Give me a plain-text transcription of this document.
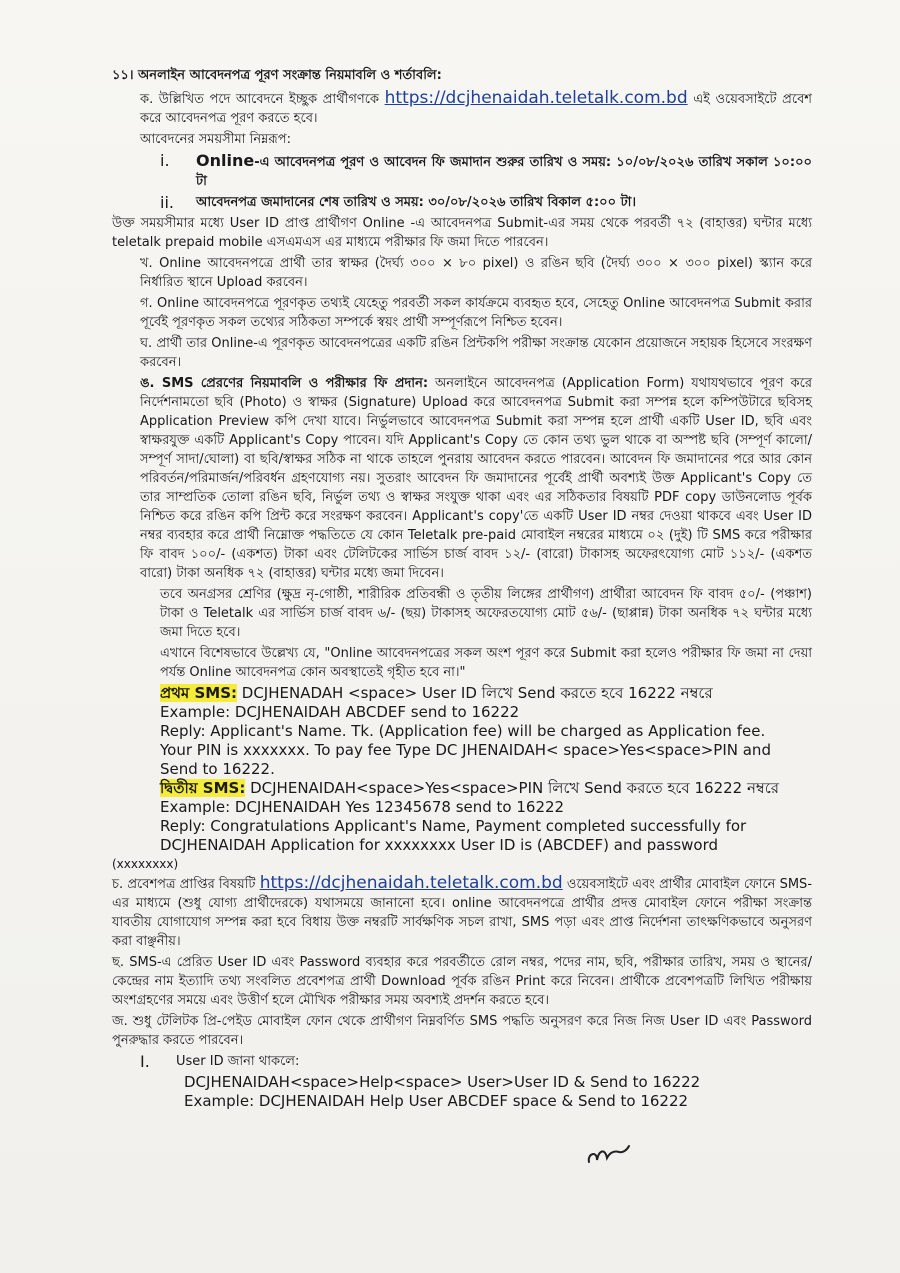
১১। অনলাইন আবেদনপত্র পূরণ সংক্রান্ত নিয়মাবলি ও শর্তাবলি:
ক. উল্লিখিত পদে আবেদনে ইচ্ছুক প্রার্থীগণকে https://dcjhenaidah.teletalk.com.bd এই ওয়েবসাইটে প্রবেশ করে আবেদনপত্র পূরণ করতে হবে।
আবেদনের সময়সীমা নিম্নরূপ:
i.	Online-এ আবেদনপত্র পূরণ ও আবেদন ফি জমাদান শুরুর তারিখ ও সময়: ১০/০৮/২০২৬ তারিখ সকাল ১০:০০ টা
ii.	আবেদনপত্র জমাদানের শেষ তারিখ ও সময়: ৩০/০৮/২০২৬ তারিখ বিকাল ৫:০০ টা।
উক্ত সময়সীমার মধ্যে User ID প্রাপ্ত প্রার্থীগণ Online -এ আবেদনপত্র Submit-এর সময় থেকে পরবর্তী ৭২ (বাহাত্তর) ঘন্টার মধ্যে teletalk prepaid mobile এসএমএস এর মাধ্যমে পরীক্ষার ফি জমা দিতে পারবেন।
খ. Online আবেদনপত্রে প্রার্থী তার স্বাক্ষর (দৈর্ঘ্য ৩০০ × ৮০ pixel) ও রঙিন ছবি (দৈর্ঘ্য ৩০০ × ৩০০ pixel) স্ক্যান করে নির্ধারিত স্থানে Upload করবেন।
গ. Online আবেদনপত্রে পূরণকৃত তথ্যই যেহেতু পরবর্তী সকল কার্যক্রমে ব্যবহৃত হবে, সেহেতু Online আবেদনপত্র Submit করার পূর্বেই পূরণকৃত সকল তথ্যের সঠিকতা সম্পর্কে স্বয়ং প্রার্থী সম্পূর্ণরূপে নিশ্চিত হবেন।
ঘ. প্রার্থী তার Online-এ পূরণকৃত আবেদনপত্রের একটি রঙিন প্রিন্টকপি পরীক্ষা সংক্রান্ত যেকোন প্রয়োজনে সহায়ক হিসেবে সংরক্ষণ করবেন।
ঙ. SMS প্রেরণের নিয়মাবলি ও পরীক্ষার ফি প্রদান: অনলাইনে আবেদনপত্র (Application Form) যথাযথভাবে পূরণ করে নির্দেশনামতো ছবি (Photo) ও স্বাক্ষর (Signature) Upload করে আবেদনপত্র Submit করা সম্পন্ন হলে কম্পিউটারে ছবিসহ Application Preview কপি দেখা যাবে। নির্ভুলভাবে আবেদনপত্র Submit করা সম্পন্ন হলে প্রার্থী একটি User ID, ছবি এবং স্বাক্ষরযুক্ত একটি Applicant's Copy পাবেন। যদি Applicant's Copy তে কোন তথ্য ভুল থাকে বা অস্পষ্ট ছবি (সম্পূর্ণ কালো/সম্পূর্ণ সাদা/ঘোলা) বা ছবি/স্বাক্ষর সঠিক না থাকে তাহলে পুনরায় আবেদন করতে পারবেন। আবেদন ফি জমাদানের পরে আর কোন পরিবর্তন/পরিমার্জন/পরিবর্ধন গ্রহণযোগ্য নয়। সুতরাং আবেদন ফি জমাদানের পূর্বেই প্রার্থী অবশ্যই উক্ত Applicant's Copy তে তার সাম্প্রতিক তোলা রঙিন ছবি, নির্ভুল তথ্য ও স্বাক্ষর সংযুক্ত থাকা এবং এর সঠিকতার বিষয়টি PDF copy ডাউনলোড পূর্বক নিশ্চিত করে রঙিন কপি প্রিন্ট করে সংরক্ষণ করবেন। Applicant's copy'তে একটি User ID নম্বর দেওয়া থাকবে এবং User ID নম্বর ব্যবহার করে প্রার্থী নিম্নোক্ত পদ্ধতিতে যে কোন Teletalk pre-paid মোবাইল নম্বরের মাধ্যমে ০২ (দুই) টি SMS করে পরীক্ষার ফি বাবদ ১০০/- (একশত) টাকা এবং টেলিটকের সার্ভিস চার্জ বাবদ ১২/- (বারো) টাকাসহ অফেরৎযোগ্য মোট ১১২/- (একশত বারো) টাকা অনধিক ৭২ (বাহাত্তর) ঘন্টার মধ্যে জমা দিবেন।
তবে অনগ্রসর শ্রেণির (ক্ষুদ্র নৃ-গোষ্ঠী, শারীরিক প্রতিবন্ধী ও তৃতীয় লিঙ্গের প্রার্থীগণ) প্রার্থীরা আবেদন ফি বাবদ ৫০/- (পঞ্চাশ) টাকা ও Teletalk এর সার্ভিস চার্জ বাবদ ৬/- (ছয়) টাকাসহ অফেরতযোগ্য মোট ৫৬/- (ছাপ্পান্ন) টাকা অনধিক ৭২ ঘন্টার মধ্যে জমা দিতে হবে।
এখানে বিশেষভাবে উল্লেখ্য যে, "Online আবেদনপত্রের সকল অংশ পূরণ করে Submit করা হলেও পরীক্ষার ফি জমা না দেয়া পর্যন্ত Online আবেদনপত্র কোন অবস্থাতেই গৃহীত হবে না।"
প্রথম SMS: DCJHENADAH <space> User ID লিখে Send করতে হবে 16222 নম্বরে
Example: DCJHENAIDAH ABCDEF send to 16222
Reply: Applicant's Name. Tk. (Application fee) will be charged as Application fee.
Your PIN is xxxxxxx. To pay fee Type DC JHENAIDAH< space>Yes<space>PIN and
Send to 16222.
দ্বিতীয় SMS: DCJHENAIDAH<space>Yes<space>PIN লিখে Send করতে হবে 16222 নম্বরে
Example: DCJHENAIDAH Yes 12345678 send to 16222
Reply: Congratulations Applicant's Name, Payment completed successfully for
DCJHENAIDAH Application for xxxxxxxx User ID is (ABCDEF) and password
(xxxxxxxx)
চ. প্রবেশপত্র প্রাপ্তির বিষয়টি https://dcjhenaidah.teletalk.com.bd ওয়েবসাইটে এবং প্রার্থীর মোবাইল ফোনে SMS-এর মাধ্যমে (শুধু যোগ্য প্রার্থীদেরকে) যথাসময়ে জানানো হবে। online আবেদনপত্রে প্রার্থীর প্রদত্ত মোবাইল ফোনে পরীক্ষা সংক্রান্ত যাবতীয় যোগাযোগ সম্পন্ন করা হবে বিধায় উক্ত নম্বরটি সার্বক্ষণিক সচল রাখা, SMS পড়া এবং প্রাপ্ত নির্দেশনা তাৎক্ষণিকভাবে অনুসরণ করা বাঞ্ছনীয়।
ছ. SMS-এ প্রেরিত User ID এবং Password ব্যবহার করে পরবর্তীতে রোল নম্বর, পদের নাম, ছবি, পরীক্ষার তারিখ, সময় ও স্থানের/কেন্দ্রের নাম ইত্যাদি তথ্য সংবলিত প্রবেশপত্র প্রার্থী Download পূর্বক রঙিন Print করে নিবেন। প্রার্থীকে প্রবেশপত্রটি লিখিত পরীক্ষায় অংশগ্রহণের সময়ে এবং উত্তীর্ণ হলে মৌখিক পরীক্ষার সময় অবশ্যই প্রদর্শন করতে হবে।
জ. শুধু টেলিটক প্রি-পেইড মোবাইল ফোন থেকে প্রার্থীগণ নিম্নবর্ণিত SMS পদ্ধতি অনুসরণ করে নিজ নিজ User ID এবং Password পুনরুদ্ধার করতে পারবেন।
I.	User ID জানা থাকলে:
DCJHENAIDAH<space>Help<space> User>User ID & Send to 16222
Example: DCJHENAIDAH Help User ABCDEF space & Send to 16222
